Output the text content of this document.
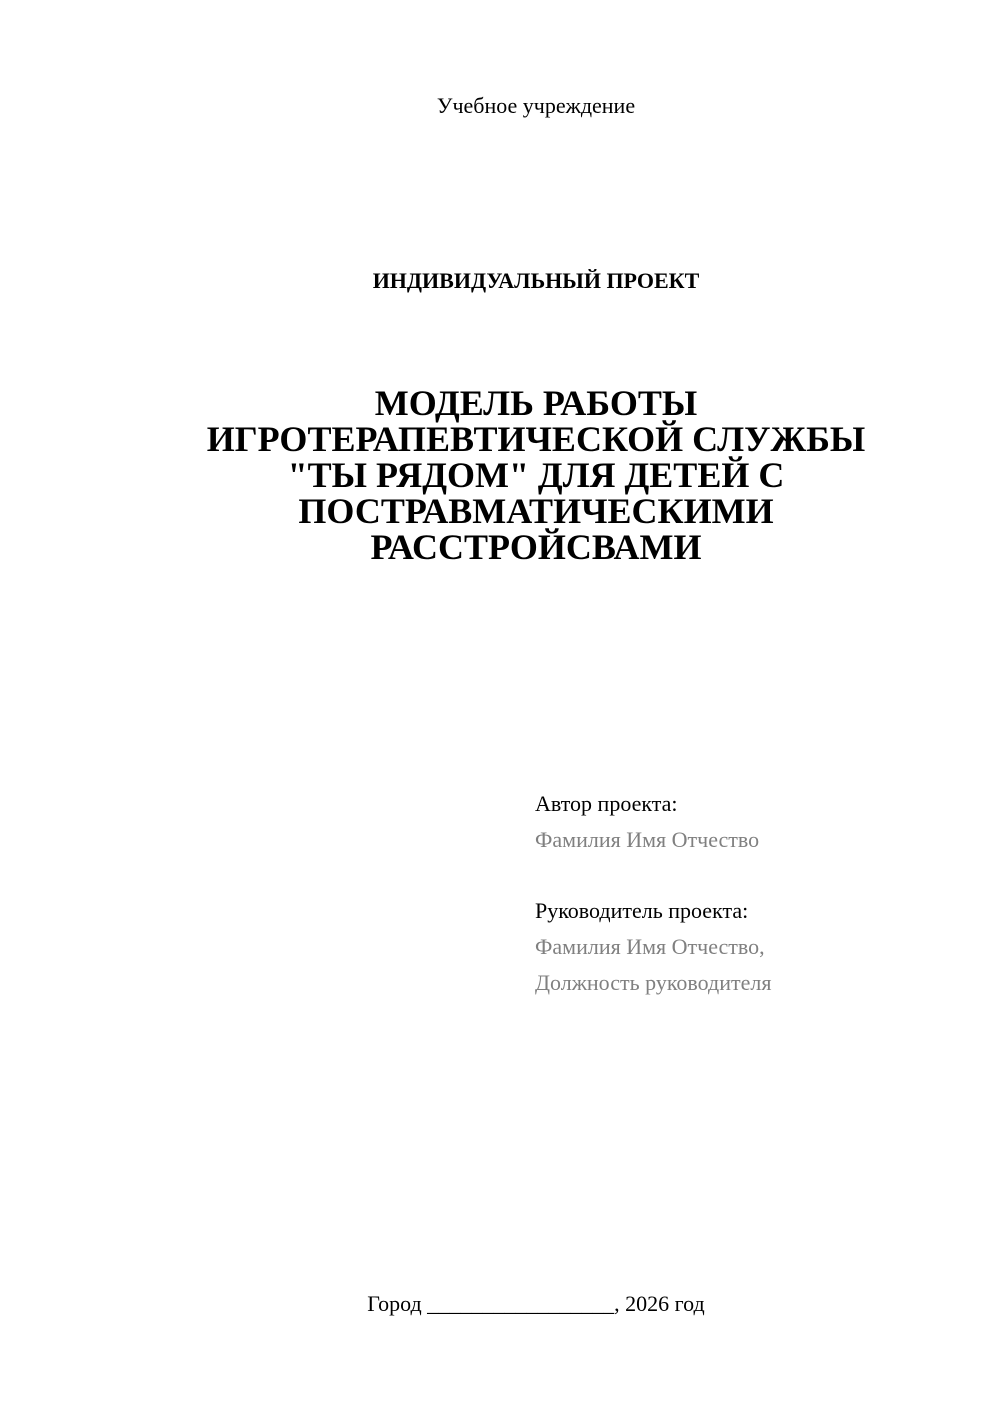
Учебное учреждение
ИНДИВИДУАЛЬНЫЙ ПРОЕКТ
МОДЕЛЬ РАБОТЫ
ИГРОТЕРАПЕВТИЧЕСКОЙ СЛУЖБЫ
"ТЫ РЯДОМ" ДЛЯ ДЕТЕЙ С
ПОСТРАВМАТИЧЕСКИМИ
РАССТРОЙСВАМИ
Автор проекта:
Фамилия Имя Отчество
Руководитель проекта:
Фамилия Имя Отчество,
Должность руководителя
Город _________________, 2026 год
